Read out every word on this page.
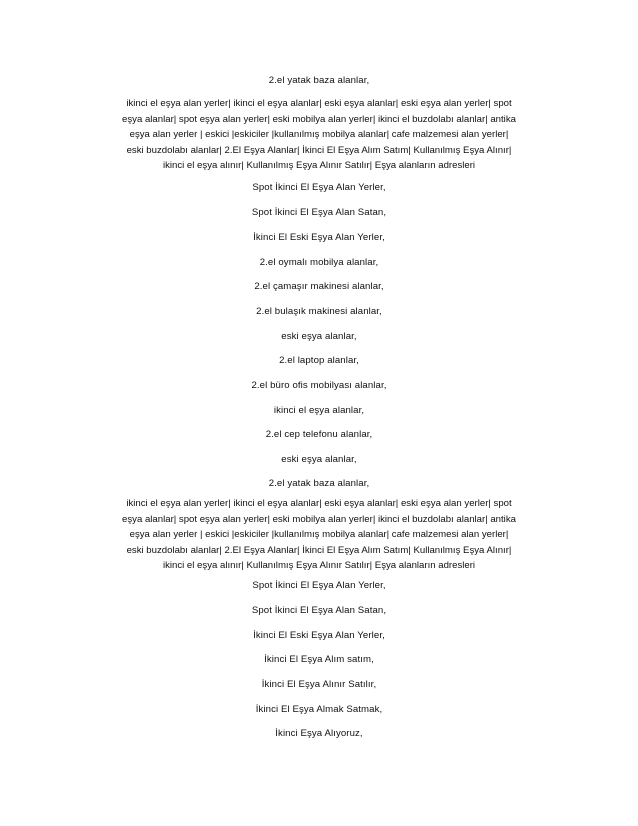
2.el yatak baza alanlar,
ikinci el eşya alan yerler| ikinci el eşya alanlar| eski eşya alanlar| eski eşya alan yerler| spot
eşya alanlar| spot eşya alan yerler| eski mobilya alan yerler| ikinci el buzdolabı alanlar| antika
eşya alan yerler | eskici |eskiciler |kullanılmış mobilya alanlar| cafe malzemesi alan yerler|
eski buzdolabı alanlar| 2.El Eşya Alanlar| İkinci El Eşya Alım Satım| Kullanılmış Eşya Alınır|
ikinci el eşya alınır| Kullanılmış Eşya Alınır Satılır| Eşya alanların adresleri
Spot İkinci El Eşya Alan Yerler,
Spot İkinci El Eşya Alan Satan,
İkinci El Eski Eşya Alan Yerler,
2.el oymalı mobilya alanlar,
2.el çamaşır makinesi alanlar,
2.el bulaşık makinesi alanlar,
eski eşya alanlar,
2.el laptop alanlar,
2.el büro ofis mobilyası alanlar,
ikinci el eşya alanlar,
2.el cep telefonu alanlar,
eski eşya alanlar,
2.el yatak baza alanlar,
ikinci el eşya alan yerler| ikinci el eşya alanlar| eski eşya alanlar| eski eşya alan yerler| spot
eşya alanlar| spot eşya alan yerler| eski mobilya alan yerler| ikinci el buzdolabı alanlar| antika
eşya alan yerler | eskici |eskiciler |kullanılmış mobilya alanlar| cafe malzemesi alan yerler|
eski buzdolabı alanlar| 2.El Eşya Alanlar| İkinci El Eşya Alım Satım| Kullanılmış Eşya Alınır|
ikinci el eşya alınır| Kullanılmış Eşya Alınır Satılır| Eşya alanların adresleri
Spot İkinci El Eşya Alan Yerler,
Spot İkinci El Eşya Alan Satan,
İkinci El Eski Eşya Alan Yerler,
İkinci El Eşya Alım satım,
İkinci El Eşya Alınır Satılır,
İkinci El Eşya Almak Satmak,
İkinci Eşya Alıyoruz,
